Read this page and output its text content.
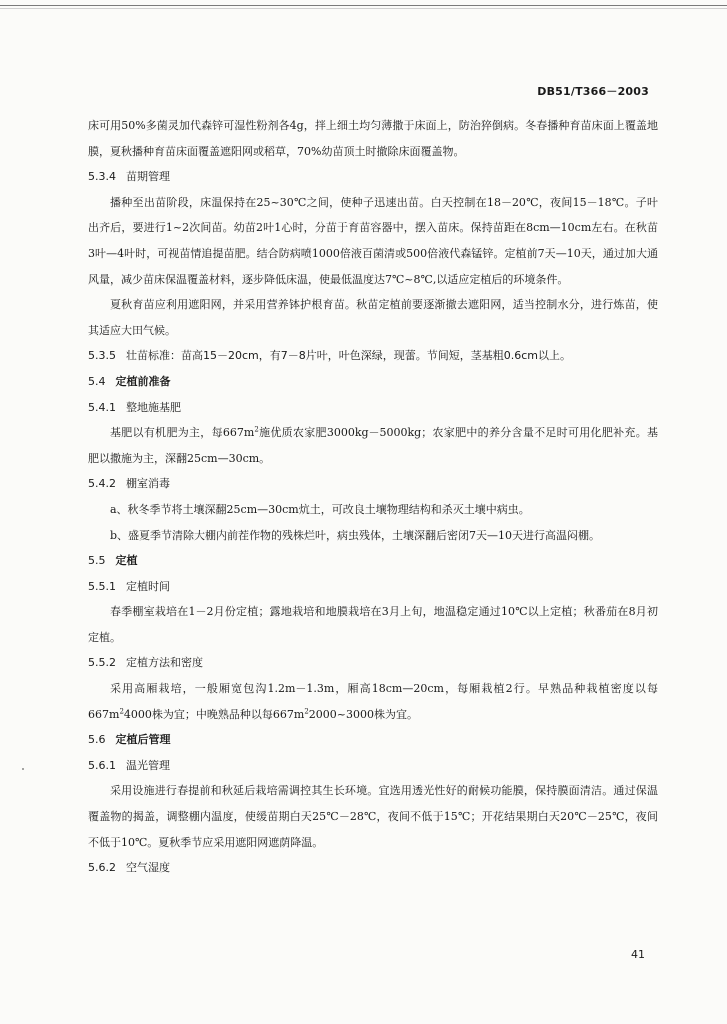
DB51/T366－2003

床可用50%多菌灵加代森锌可湿性粉剂各4g，拌上细土均匀薄撒于床面上，防治猝倒病。冬春播种育苗床面上覆盖地膜，夏秋播种育苗床面覆盖遮阳网或稻草，70%幼苗顶土时撤除床面覆盖物。

5.3.4 苗期管理

播种至出苗阶段，床温保持在25~30℃之间，使种子迅速出苗。白天控制在18－20℃，夜间15－18℃。子叶出齐后，要进行1~2次间苗。幼苗2叶1心时，分苗于育苗容器中，摆入苗床。保持苗距在8cm—10cm左右。在秋苗3叶—4叶时，可视苗情追提苗肥。结合防病喷1000倍液百菌清或500倍液代森锰锌。定植前7天—10天，通过加大通风量，减少苗床保温覆盖材料，逐步降低床温，使最低温度达7℃~8℃,以适应定植后的环境条件。

夏秋育苗应利用遮阳网，并采用营养钵护根育苗。秋苗定植前要逐渐撤去遮阳网，适当控制水分，进行炼苗，使其适应大田气候。

5.3.5 壮苗标准：苗高15－20cm，有7－8片叶，叶色深绿，现蕾。节间短，茎基粗0.6cm以上。

5.4 定植前准备

5.4.1 整地施基肥

基肥以有机肥为主，每$667m^2$施优质农家肥3000kg－5000kg；农家肥中的养分含量不足时可用化肥补充。基肥以撒施为主，深翻25cm—30cm。

5.4.2 棚室消毒

a、秋冬季节将土壤深翻25cm—30cm炕土，可改良土壤物理结构和杀灭土壤中病虫。

b、盛夏季节清除大棚内前茬作物的残株烂叶，病虫残体，土壤深翻后密闭7天—10天进行高温闷棚。

5.5 定植

5.5.1 定植时间

春季棚室栽培在1－2月份定植；露地栽培和地膜栽培在3月上旬，地温稳定通过10℃以上定植；秋番茄在8月初定植。

5.5.2 定植方法和密度

采用高厢栽培，一般厢宽包沟1.2m－1.3m，厢高18cm—20cm，每厢栽植2行。早熟品种栽植密度以每$667m^24000$株为宜；中晚熟品种以每$667m^22000\sim 3000$株为宜。

5.6 定植后管理

5.6.1 温光管理

采用设施进行春提前和秋延后栽培需调控其生长环境。宜选用透光性好的耐候功能膜，保持膜面清洁。通过保温覆盖物的揭盖，调整棚内温度，使缓苗期白天25℃－28℃，夜间不低于15℃；开花结果期白天20℃－25℃，夜间不低于10℃。夏秋季节应采用遮阳网遮荫降温。

5.6.2 空气湿度

41
